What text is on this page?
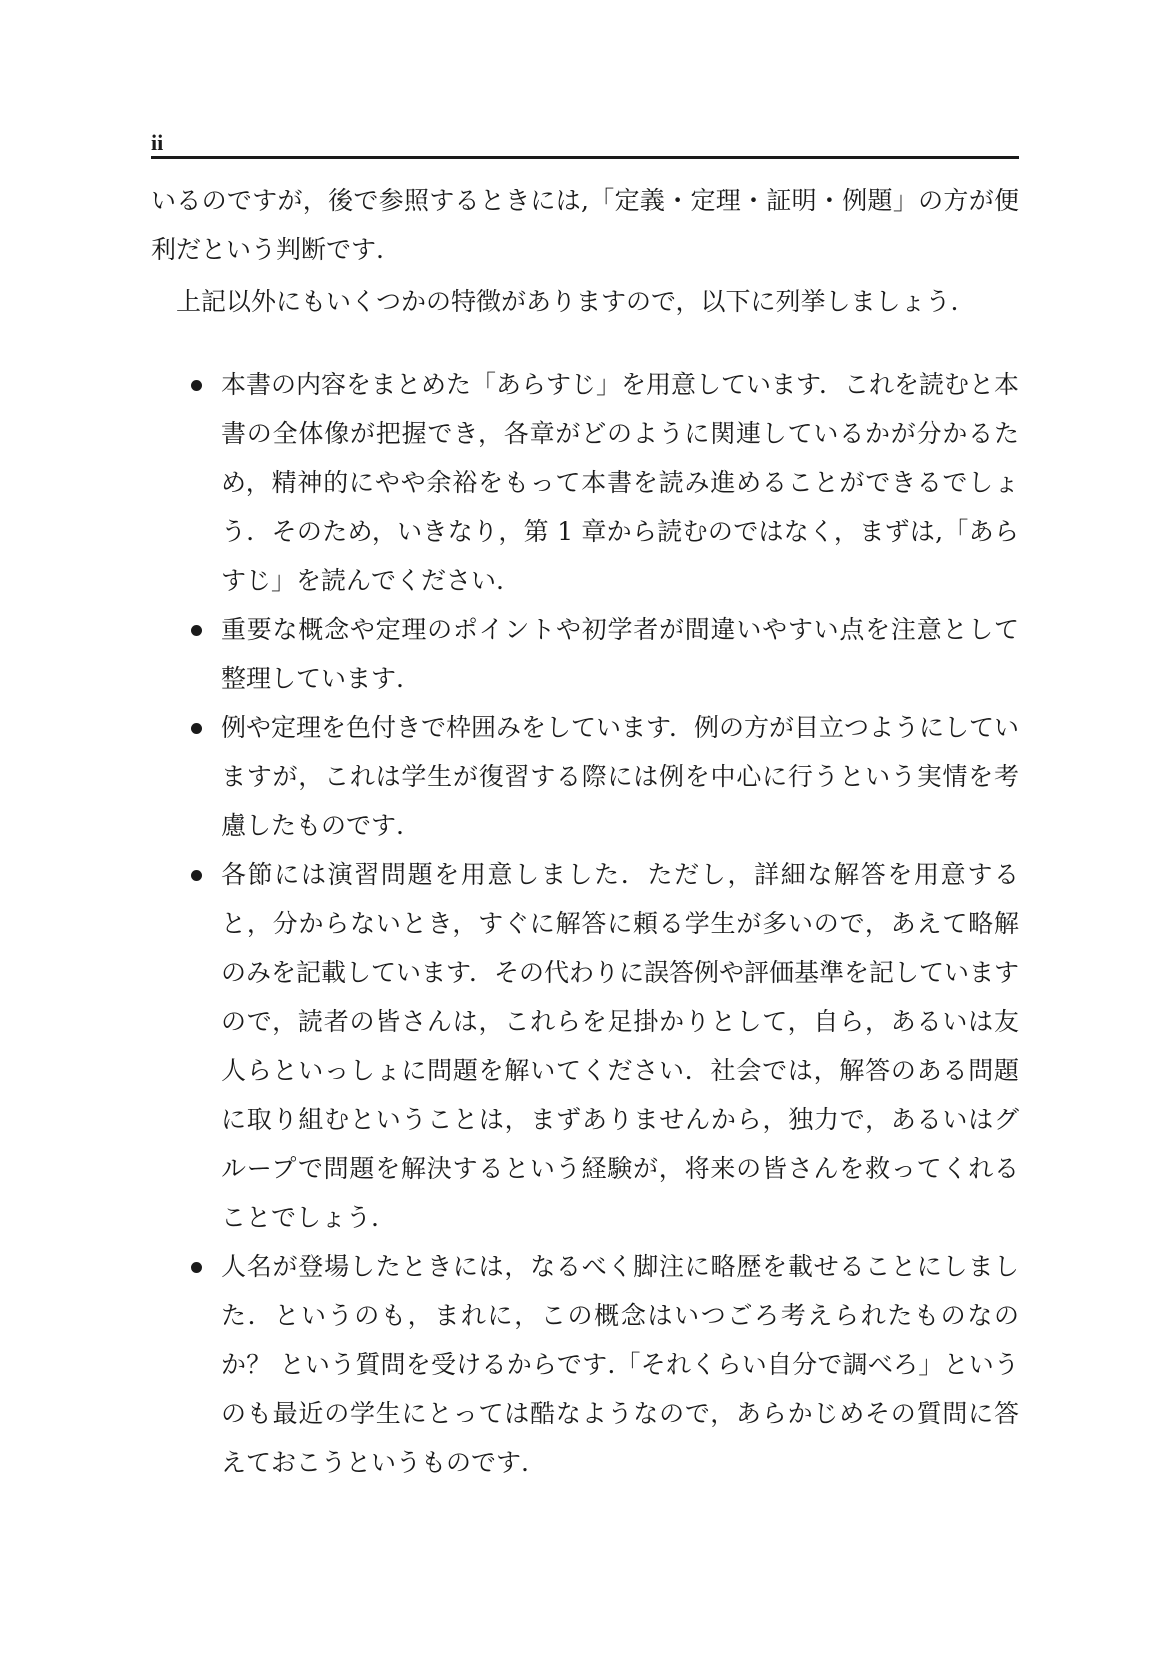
ii

いるのですが，後で参照するときには,「定義・定理・証明・例題」の方が便利だという判断です.

上記以外にもいくつかの特徴がありますので，以下に列挙しましょう.

本書の内容をまとめた「あらすじ」を用意しています．これを読むと本書の全体像が把握でき，各章がどのように関連しているかが分かるため，精神的にやや余裕をもって本書を読み進めることができるでしょう．そのため，いきなり，第 1 章から読むのではなく，まずは,「あらすじ」を読んでください.
重要な概念や定理のポイントや初学者が間違いやすい点を注意として整理しています.
例や定理を色付きで枠囲みをしています．例の方が目立つようにしていますが，これは学生が復習する際には例を中心に行うという実情を考慮したものです.
各節には演習問題を用意しました．ただし，詳細な解答を用意すると，分からないとき，すぐに解答に頼る学生が多いので，あえて略解のみを記載しています．その代わりに誤答例や評価基準を記していますので，読者の皆さんは，これらを足掛かりとして，自ら，あるいは友人らといっしょに問題を解いてください．社会では，解答のある問題に取り組むということは，まずありませんから，独力で，あるいはグループで問題を解決するという経験が，将来の皆さんを救ってくれることでしょう.
人名が登場したときには，なるべく脚注に略歴を載せることにしました．というのも，まれに，この概念はいつごろ考えられたものなのか？ という質問を受けるからです.「それくらい自分で調べろ」というのも最近の学生にとっては酷なようなので，あらかじめその質問に答えておこうというものです.
